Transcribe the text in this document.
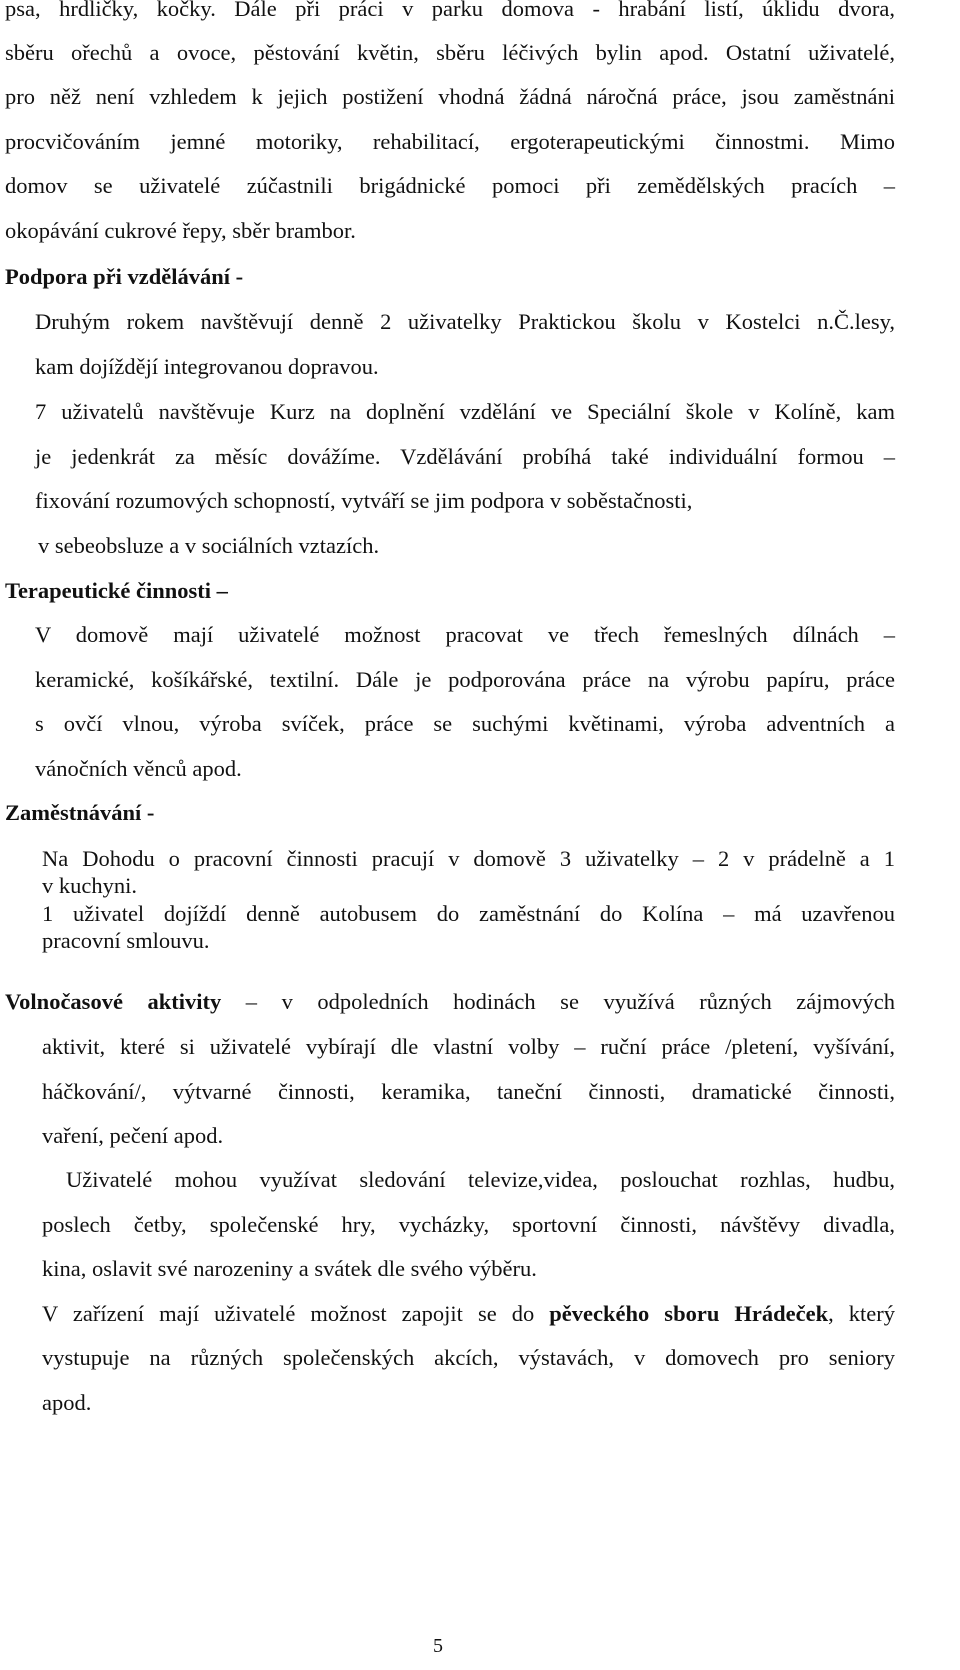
psa, hrdličky, kočky. Dále při práci v parku domova - hrabání listí, úklidu dvora,

sběru ořechů a ovoce, pěstování květin, sběru léčivých bylin apod. Ostatní uživatelé,

pro něž není vzhledem k jejich postižení vhodná žádná náročná práce, jsou zaměstnáni

procvičováním jemné motoriky, rehabilitací, ergoterapeutickými činnostmi. Mimo

domov se uživatelé zúčastnili brigádnické pomoci při zemědělských pracích –

okopávání cukrové řepy, sběr brambor.

Podpora při vzdělávání -

Druhým rokem navštěvují denně 2 uživatelky Praktickou školu v Kostelci n.Č.lesy,

kam dojíždějí integrovanou dopravou.

7 uživatelů navštěvuje Kurz na doplnění vzdělání ve Speciální škole v Kolíně, kam

je jedenkrát za měsíc dovážíme. Vzdělávání probíhá také individuální formou –

fixování rozumových schopností, vytváří se jim podpora v soběstačnosti,

v sebeobsluze a v sociálních vztazích.

Terapeutické činnosti –

V domově mají uživatelé možnost pracovat ve třech řemeslných dílnách –

keramické, košíkářské, textilní. Dále je podporována práce na výrobu papíru, práce

s ovčí vlnou, výroba svíček, práce se suchými květinami, výroba adventních a

vánočních věnců apod.

Zaměstnávání -

Na Dohodu o pracovní činnosti pracují v domově 3 uživatelky – 2 v prádelně a 1

v kuchyni.

1 uživatel dojíždí denně autobusem do zaměstnání do Kolína – má uzavřenou

pracovní smlouvu.

Volnočasové aktivity – v odpoledních hodinách se využívá různých zájmových

aktivit, které si uživatelé vybírají dle vlastní volby – ruční práce /pletení, vyšívání,

háčkování/, výtvarné činnosti, keramika, taneční činnosti, dramatické činnosti,

vaření, pečení apod.

Uživatelé mohou využívat sledování televize,videa, poslouchat rozhlas, hudbu,

poslech četby, společenské hry, vycházky, sportovní činnosti, návštěvy divadla,

kina, oslavit své narozeniny a svátek dle svého výběru.

V zařízení mají uživatelé možnost zapojit se do pěveckého sboru Hrádeček, který

vystupuje na různých společenských akcích, výstavách, v domovech pro seniory

apod.

5
